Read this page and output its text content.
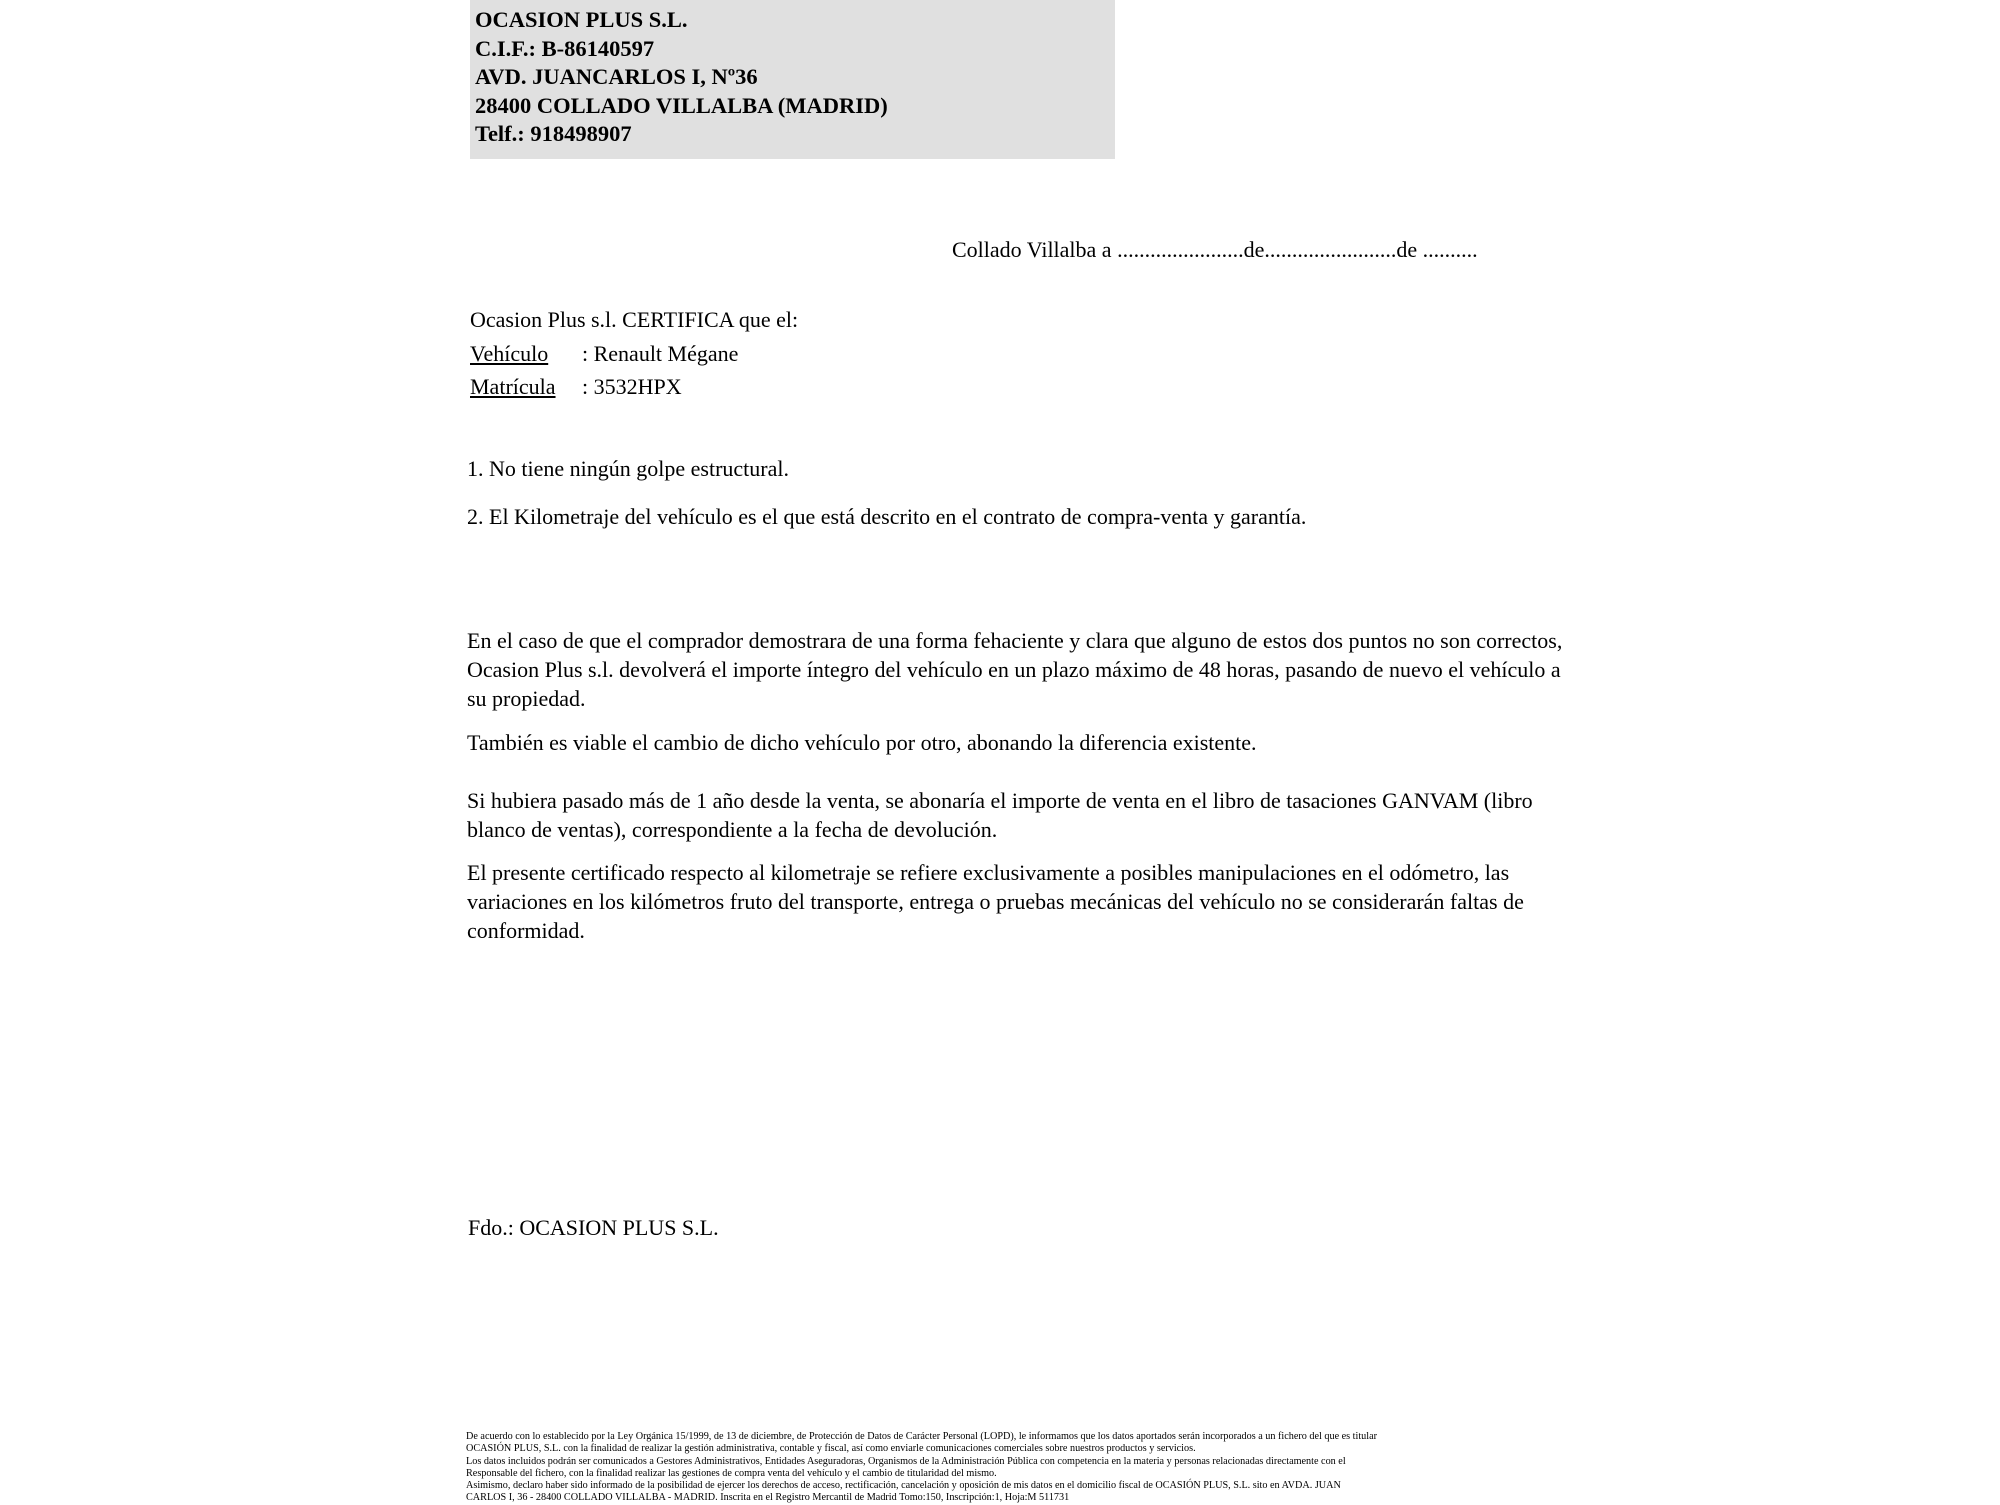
OCASION PLUS S.L.
C.I.F.: B-86140597
AVD. JUANCARLOS I, Nº36
28400 COLLADO VILLALBA (MADRID)
Telf.: 918498907
Collado Villalba a .......................de........................de ..........
Ocasion Plus s.l. CERTIFICA que el:
Vehículo : Renault Mégane
Matrícula : 3532HPX
1. No tiene ningún golpe estructural.
2. El Kilometraje del vehículo es el que está descrito en el contrato de compra-venta y garantía.
En el caso de que el comprador demostrara de una forma fehaciente y clara que alguno de estos dos puntos no son correctos, Ocasion Plus s.l. devolverá el importe íntegro del vehículo en un plazo máximo de 48 horas, pasando de nuevo el vehículo a su propiedad.
También es viable el cambio de dicho vehículo por otro, abonando la diferencia existente.
Si hubiera pasado más de 1 año desde la venta, se abonaría el importe de venta en el libro de tasaciones GANVAM (libro blanco de ventas), correspondiente a la fecha de devolución.
El presente certificado respecto al kilometraje se refiere exclusivamente a posibles manipulaciones en el odómetro, las variaciones en los kilómetros fruto del transporte, entrega o pruebas mecánicas del vehículo no se considerarán faltas de conformidad.
Fdo.: OCASION PLUS S.L.

De acuerdo con lo establecido por la Ley Orgánica 15/1999, de 13 de diciembre, de Protección de Datos de Carácter Personal (LOPD), le informamos que los datos aportados serán incorporados a un fichero del que es titular

OCASIÓN PLUS, S.L. con la finalidad de realizar la gestión administrativa, contable y fiscal, así como enviarle comunicaciones comerciales sobre nuestros productos y servicios.

Los datos incluidos podrán ser comunicados a Gestores Administrativos, Entidades Aseguradoras, Organismos de la Administración Pública con competencia en la materia y personas relacionadas directamente con el

Responsable del fichero, con la finalidad realizar las gestiones de compra venta del vehículo y el cambio de titularidad del mismo.

Asimismo, declaro haber sido informado de la posibilidad de ejercer los derechos de acceso, rectificación, cancelación y oposición de mis datos en el domicilio fiscal de OCASIÓN PLUS, S.L. sito en AVDA. JUAN

CARLOS I, 36 - 28400 COLLADO VILLALBA - MADRID. Inscrita en el Registro Mercantil de Madrid Tomo:150, Inscripción:1, Hoja:M 511731
